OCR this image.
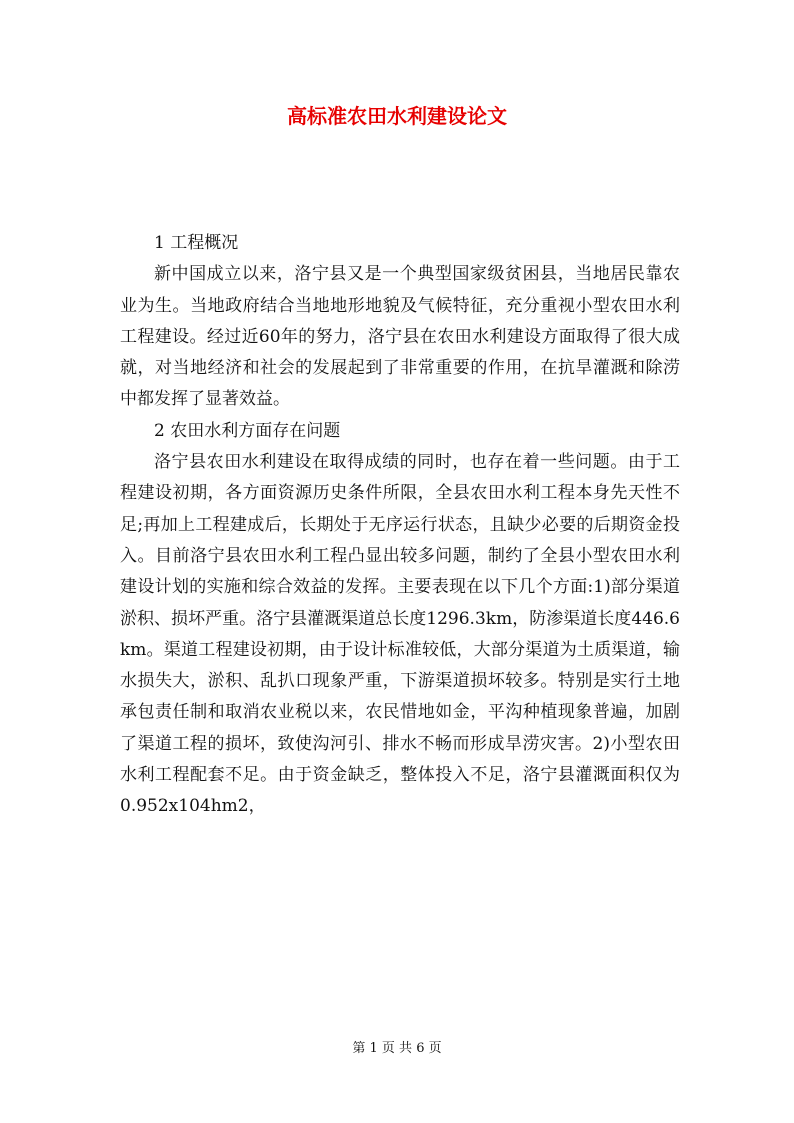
高标准农田水利建设论文

1 工程概况

新中国成立以来，洛宁县又是一个典型国家级贫困县，当地居民靠农业为生。当地政府结合当地地形地貌及气候特征，充分重视小型农田水利工程建设。经过近60年的努力，洛宁县在农田水利建设方面取得了很大成就，对当地经济和社会的发展起到了非常重要的作用，在抗旱灌溉和除涝中都发挥了显著效益。

2 农田水利方面存在问题

洛宁县农田水利建设在取得成绩的同时，也存在着一些问题。由于工程建设初期，各方面资源历史条件所限，全县农田水利工程本身先天性不足;再加上工程建成后，长期处于无序运行状态，且缺少必要的后期资金投入。目前洛宁县农田水利工程凸显出较多问题，制约了全县小型农田水利建设计划的实施和综合效益的发挥。主要表现在以下几个方面:1)部分渠道淤积、损坏严重。洛宁县灌溉渠道总长度1296.3km，防渗渠道长度446.6km。渠道工程建设初期，由于设计标准较低，大部分渠道为土质渠道，输水损失大，淤积、乱扒口现象严重，下游渠道损坏较多。特别是实行土地承包责任制和取消农业税以来，农民惜地如金，平沟种植现象普遍，加剧了渠道工程的损坏，致使沟河引、排水不畅而形成旱涝灾害。2)小型农田水利工程配套不足。由于资金缺乏，整体投入不足，洛宁县灌溉面积仅为0.952x104hm2，

第 1 页 共 6 页
